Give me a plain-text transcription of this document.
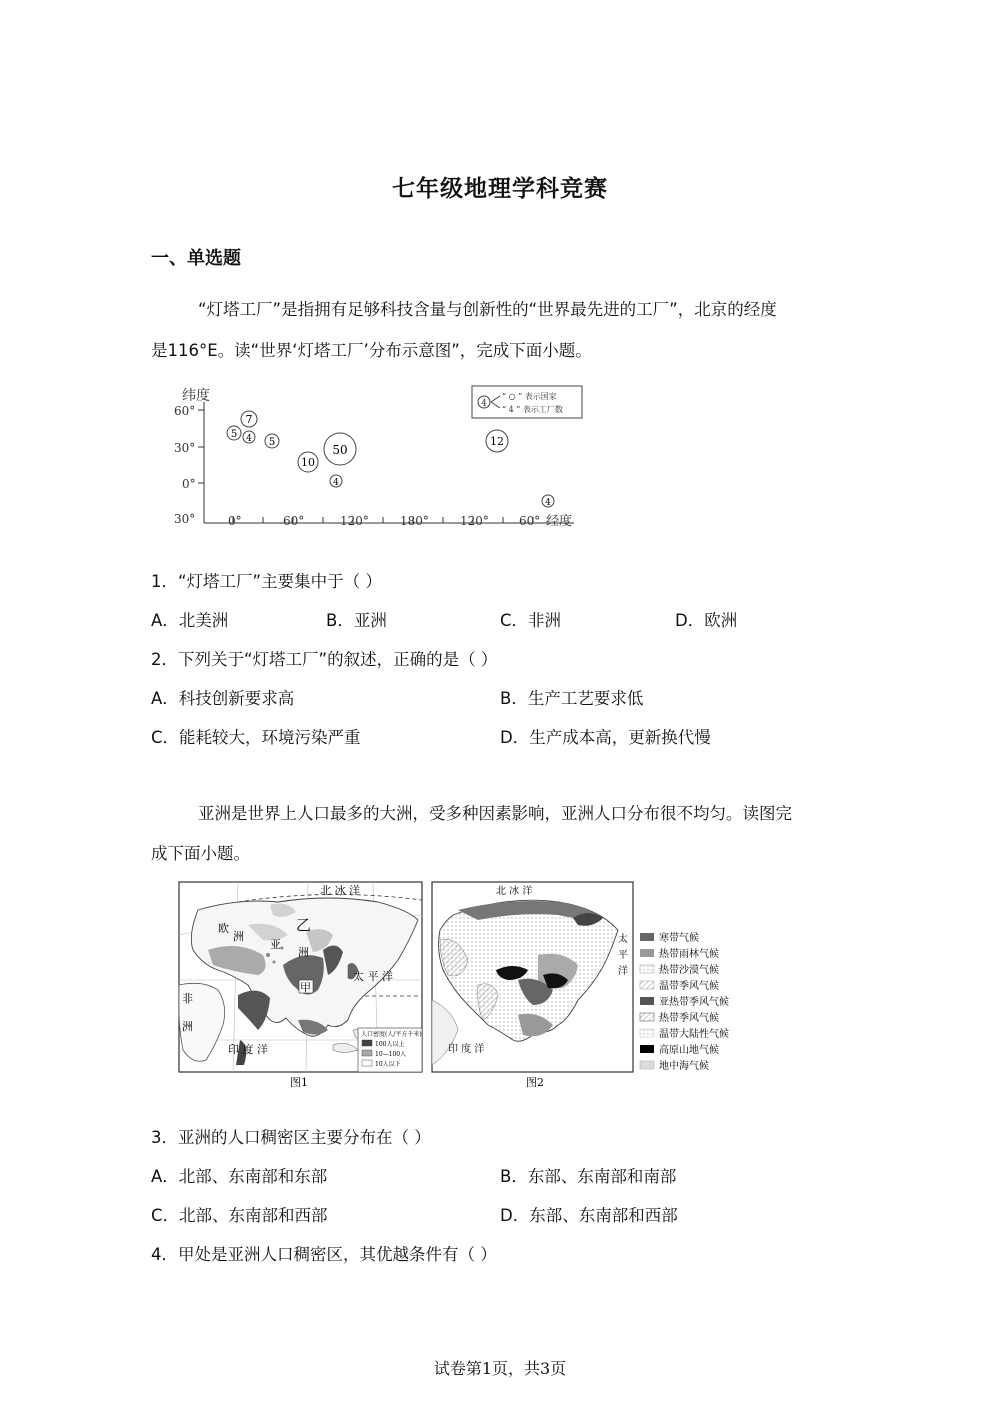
七年级地理学科竞赛
一、单选题
“灯塔工厂”是指拥有足够科技含量与创新性的“世界最先进的工厂”，北京的经度
是116°E。读“世界‘灯塔工厂’分布示意图”，完成下面小题。
纬度
60°
30°
0°
30°	0°	60°	120°	180°	120°	60° 经度
4
“ ○ ” 表示国家
“ 4 ” 表示工厂数
7
5 4 5
10
50
4
12
4
1．“灯塔工厂”主要集中于（ ）
A．北美洲	B．亚洲	C．非洲	D．欧洲
2．下列关于“灯塔工厂”的叙述，正确的是（ ）
A．科技创新要求高	B．生产工艺要求低
C．能耗较大，环境污染严重	D．生产成本高，更新换代慢
亚洲是世界上人口最多的大洲，受多种因素影响，亚洲人口分布很不均匀。读图完
成下面小题。
北 冰 洋
欧
洲
亚
洲
乙
太 平 洋
甲
非
洲
印 度 洋
人口密度(人/平方千米)
100人以上
10—100人
10人以下
图1
北 冰 洋
太
平
洋
印 度 洋
图2
寒带气候
热带雨林气候
热带沙漠气候
温带季风气候
亚热带季风气候
热带季风气候
温带大陆性气候
高原山地气候
地中海气候
3．亚洲的人口稠密区主要分布在（ ）
A．北部、东南部和东部	B．东部、东南部和南部
C．北部、东南部和西部	D．东部、东南部和西部
4．甲处是亚洲人口稠密区，其优越条件有（ ）
试卷第1页，共3页
